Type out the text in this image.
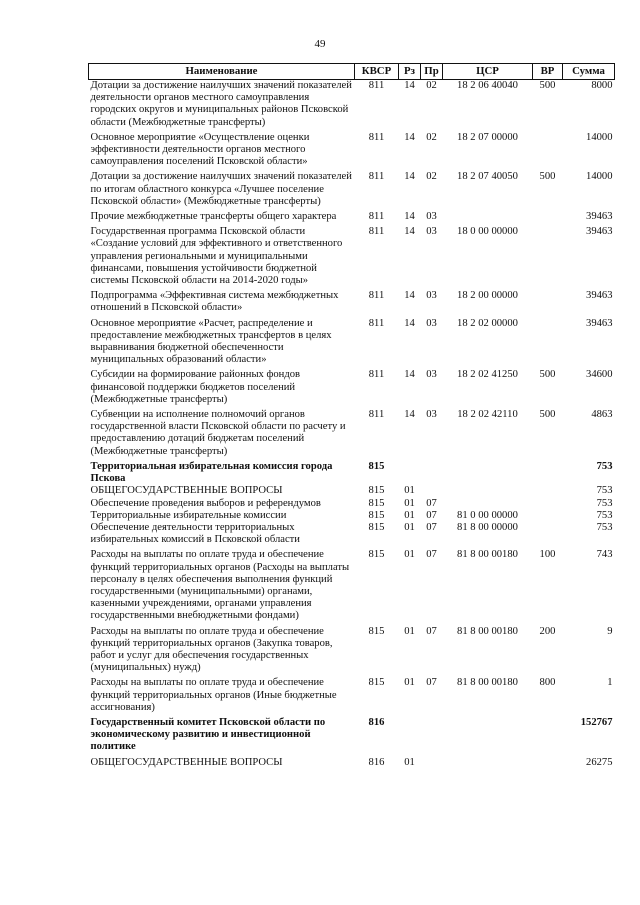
49
Наименование	КВСР	Рз	Пр	ЦСР	ВР	Сумма
Дотации за достижение наилучших значений показателей деятельности органов местного самоуправления городских округов и муниципальных районов Псковской области (Межбюджетные трансферты)	811	14	02	18 2 06 40040	500	8000
Основное мероприятие «Осуществление оценки эффективности деятельности органов местного самоуправления поселений Псковской области»	811	14	02	18 2 07 00000		14000
Дотации за достижение наилучших значений показателей по итогам областного конкурса «Лучшее поселение Псковской области» (Межбюджетные трансферты)	811	14	02	18 2 07 40050	500	14000
Прочие межбюджетные трансферты общего характера	811	14	03			39463
Государственная программа Псковской области «Создание условий для эффективного и ответственного управления региональными и муниципальными финансами, повышения устойчивости бюджетной системы Псковской области на 2014-2020 годы»	811	14	03	18 0 00 00000		39463
Подпрограмма «Эффективная система межбюджетных отношений в Псковской области»	811	14	03	18 2 00 00000		39463
Основное мероприятие «Расчет, распределение и предоставление межбюджетных трансфертов в целях выравнивания бюджетной обеспеченности муниципальных образований области»	811	14	03	18 2 02 00000		39463
Субсидии на формирование районных фондов финансовой поддержки бюджетов поселений (Межбюджетные трансферты)	811	14	03	18 2 02 41250	500	34600
Субвенции на исполнение полномочий органов государственной власти Псковской области по расчету и предоставлению дотаций бюджетам поселений (Межбюджетные трансферты)	811	14	03	18 2 02 42110	500	4863
Территориальная избирательная комиссия города Пскова	815					753
ОБЩЕГОСУДАРСТВЕННЫЕ ВОПРОСЫ	815	01				753
Обеспечение проведения выборов и референдумов	815	01	07			753
Территориальные избирательные комиссии	815	01	07	81 0 00 00000		753
Обеспечение деятельности территориальных избирательных комиссий в Псковской области	815	01	07	81 8 00 00000		753
Расходы на выплаты по оплате труда и обеспечение функций территориальных органов (Расходы на выплаты персоналу в целях обеспечения выполнения функций государственными (муниципальными) органами, казенными учреждениями, органами управления государственными внебюджетными фондами)	815	01	07	81 8 00 00180	100	743
Расходы на выплаты по оплате труда и обеспечение функций территориальных органов (Закупка товаров, работ и услуг для обеспечения государственных (муниципальных) нужд)	815	01	07	81 8 00 00180	200	9
Расходы на выплаты по оплате труда и обеспечение функций территориальных органов (Иные бюджетные ассигнования)	815	01	07	81 8 00 00180	800	1
Государственный комитет Псковской области по экономическому развитию и инвестиционной политике	816					152767
ОБЩЕГОСУДАРСТВЕННЫЕ ВОПРОСЫ	816	01				26275
